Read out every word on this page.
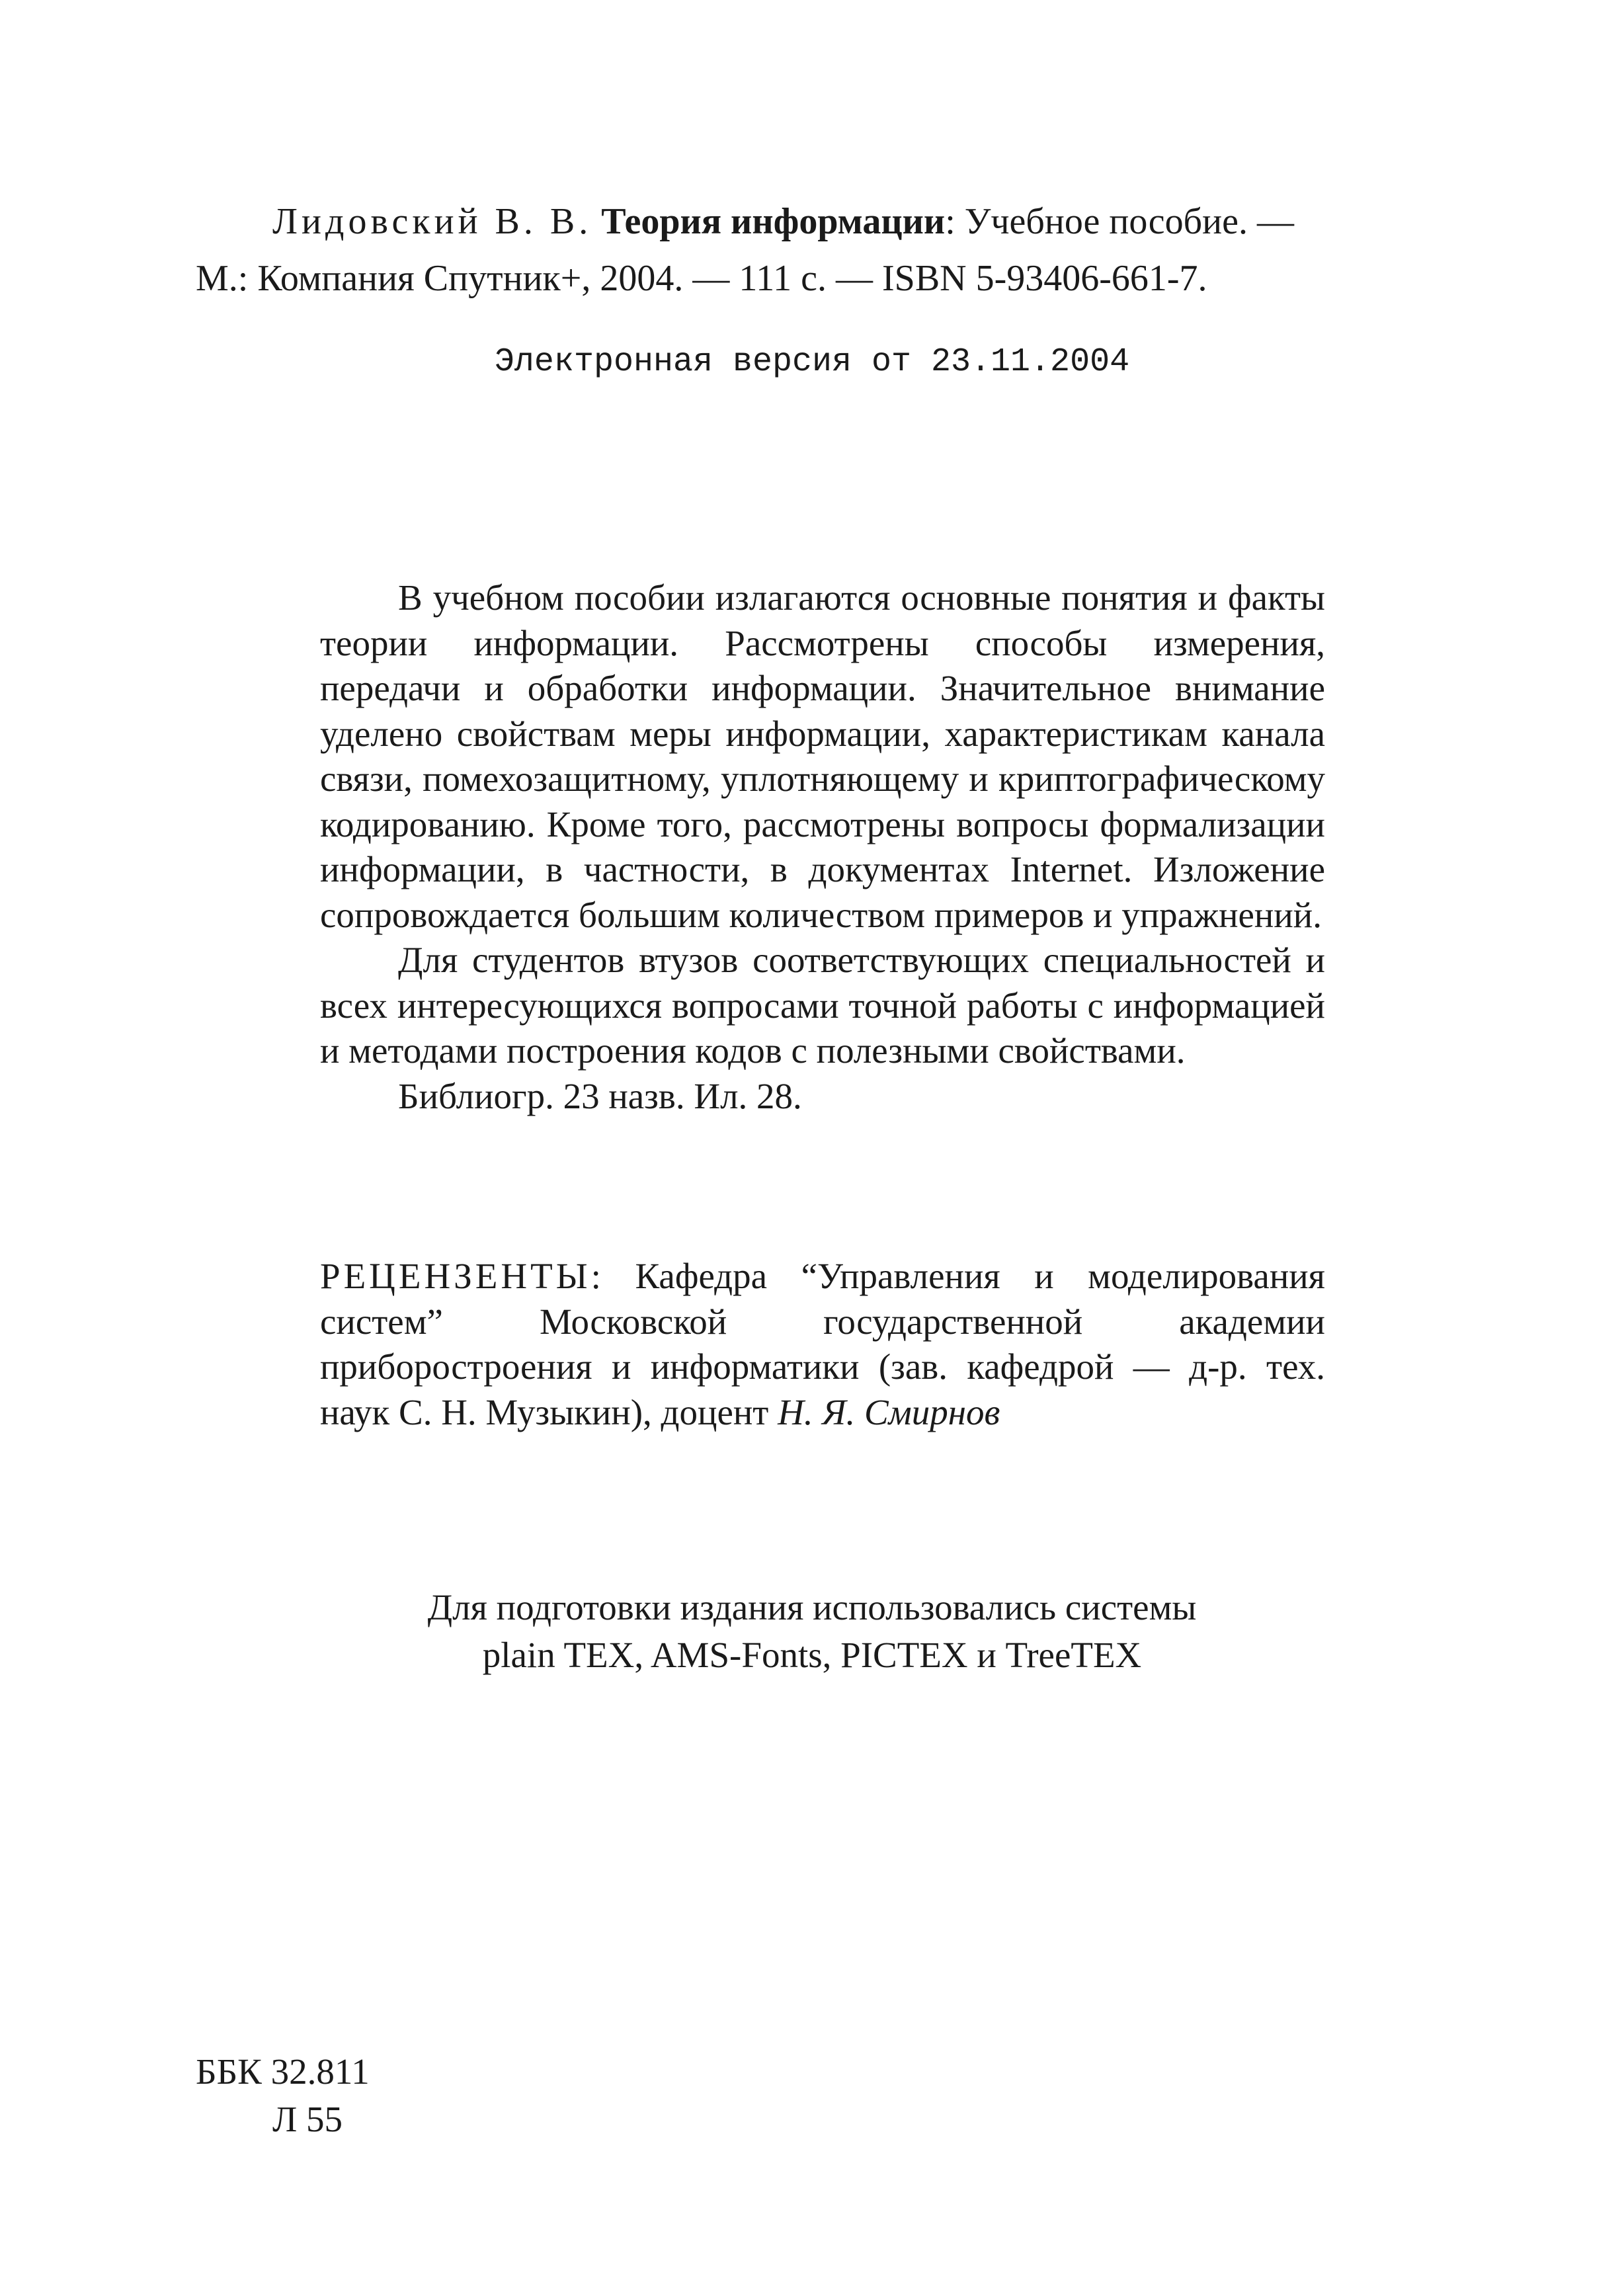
Лидовский В. В. Теория информации: Учебное пособие. —
М.: Компания Спутник+, 2004. — 111 с. — ISBN 5-93406-661-7.
Электронная версия от 23.11.2004

В учебном пособии излагаются основные понятия и факты теории информации. Рассмотрены способы измерения, передачи и обработки информации. Значительное внимание уделено свойствам меры информации, характеристикам канала связи, помехозащитному, уплотняющему и криптографическому кодированию. Кроме того, рассмотрены вопросы формализации информации, в частности, в документах Internet. Изложение сопровождается большим количеством примеров и упражнений.

Для студентов втузов соответствующих специальностей и всех интересующихся вопросами точной работы с информацией и методами построения кодов с полезными свойствами.

Библиогр. 23 назв. Ил. 28.

РЕЦЕНЗЕНТЫ: Кафедра “Управления и моделирования систем” Московской государственной академии приборостроения и информатики (зав. кафедрой — д-р. тех. наук С. Н. Музыкин), доцент Н. Я. Смирнов
Для подготовки издания использовались системы
plain TEX, AMS-Fonts, PICTEX и TreeTEX
ББК 32.811
Л 55
